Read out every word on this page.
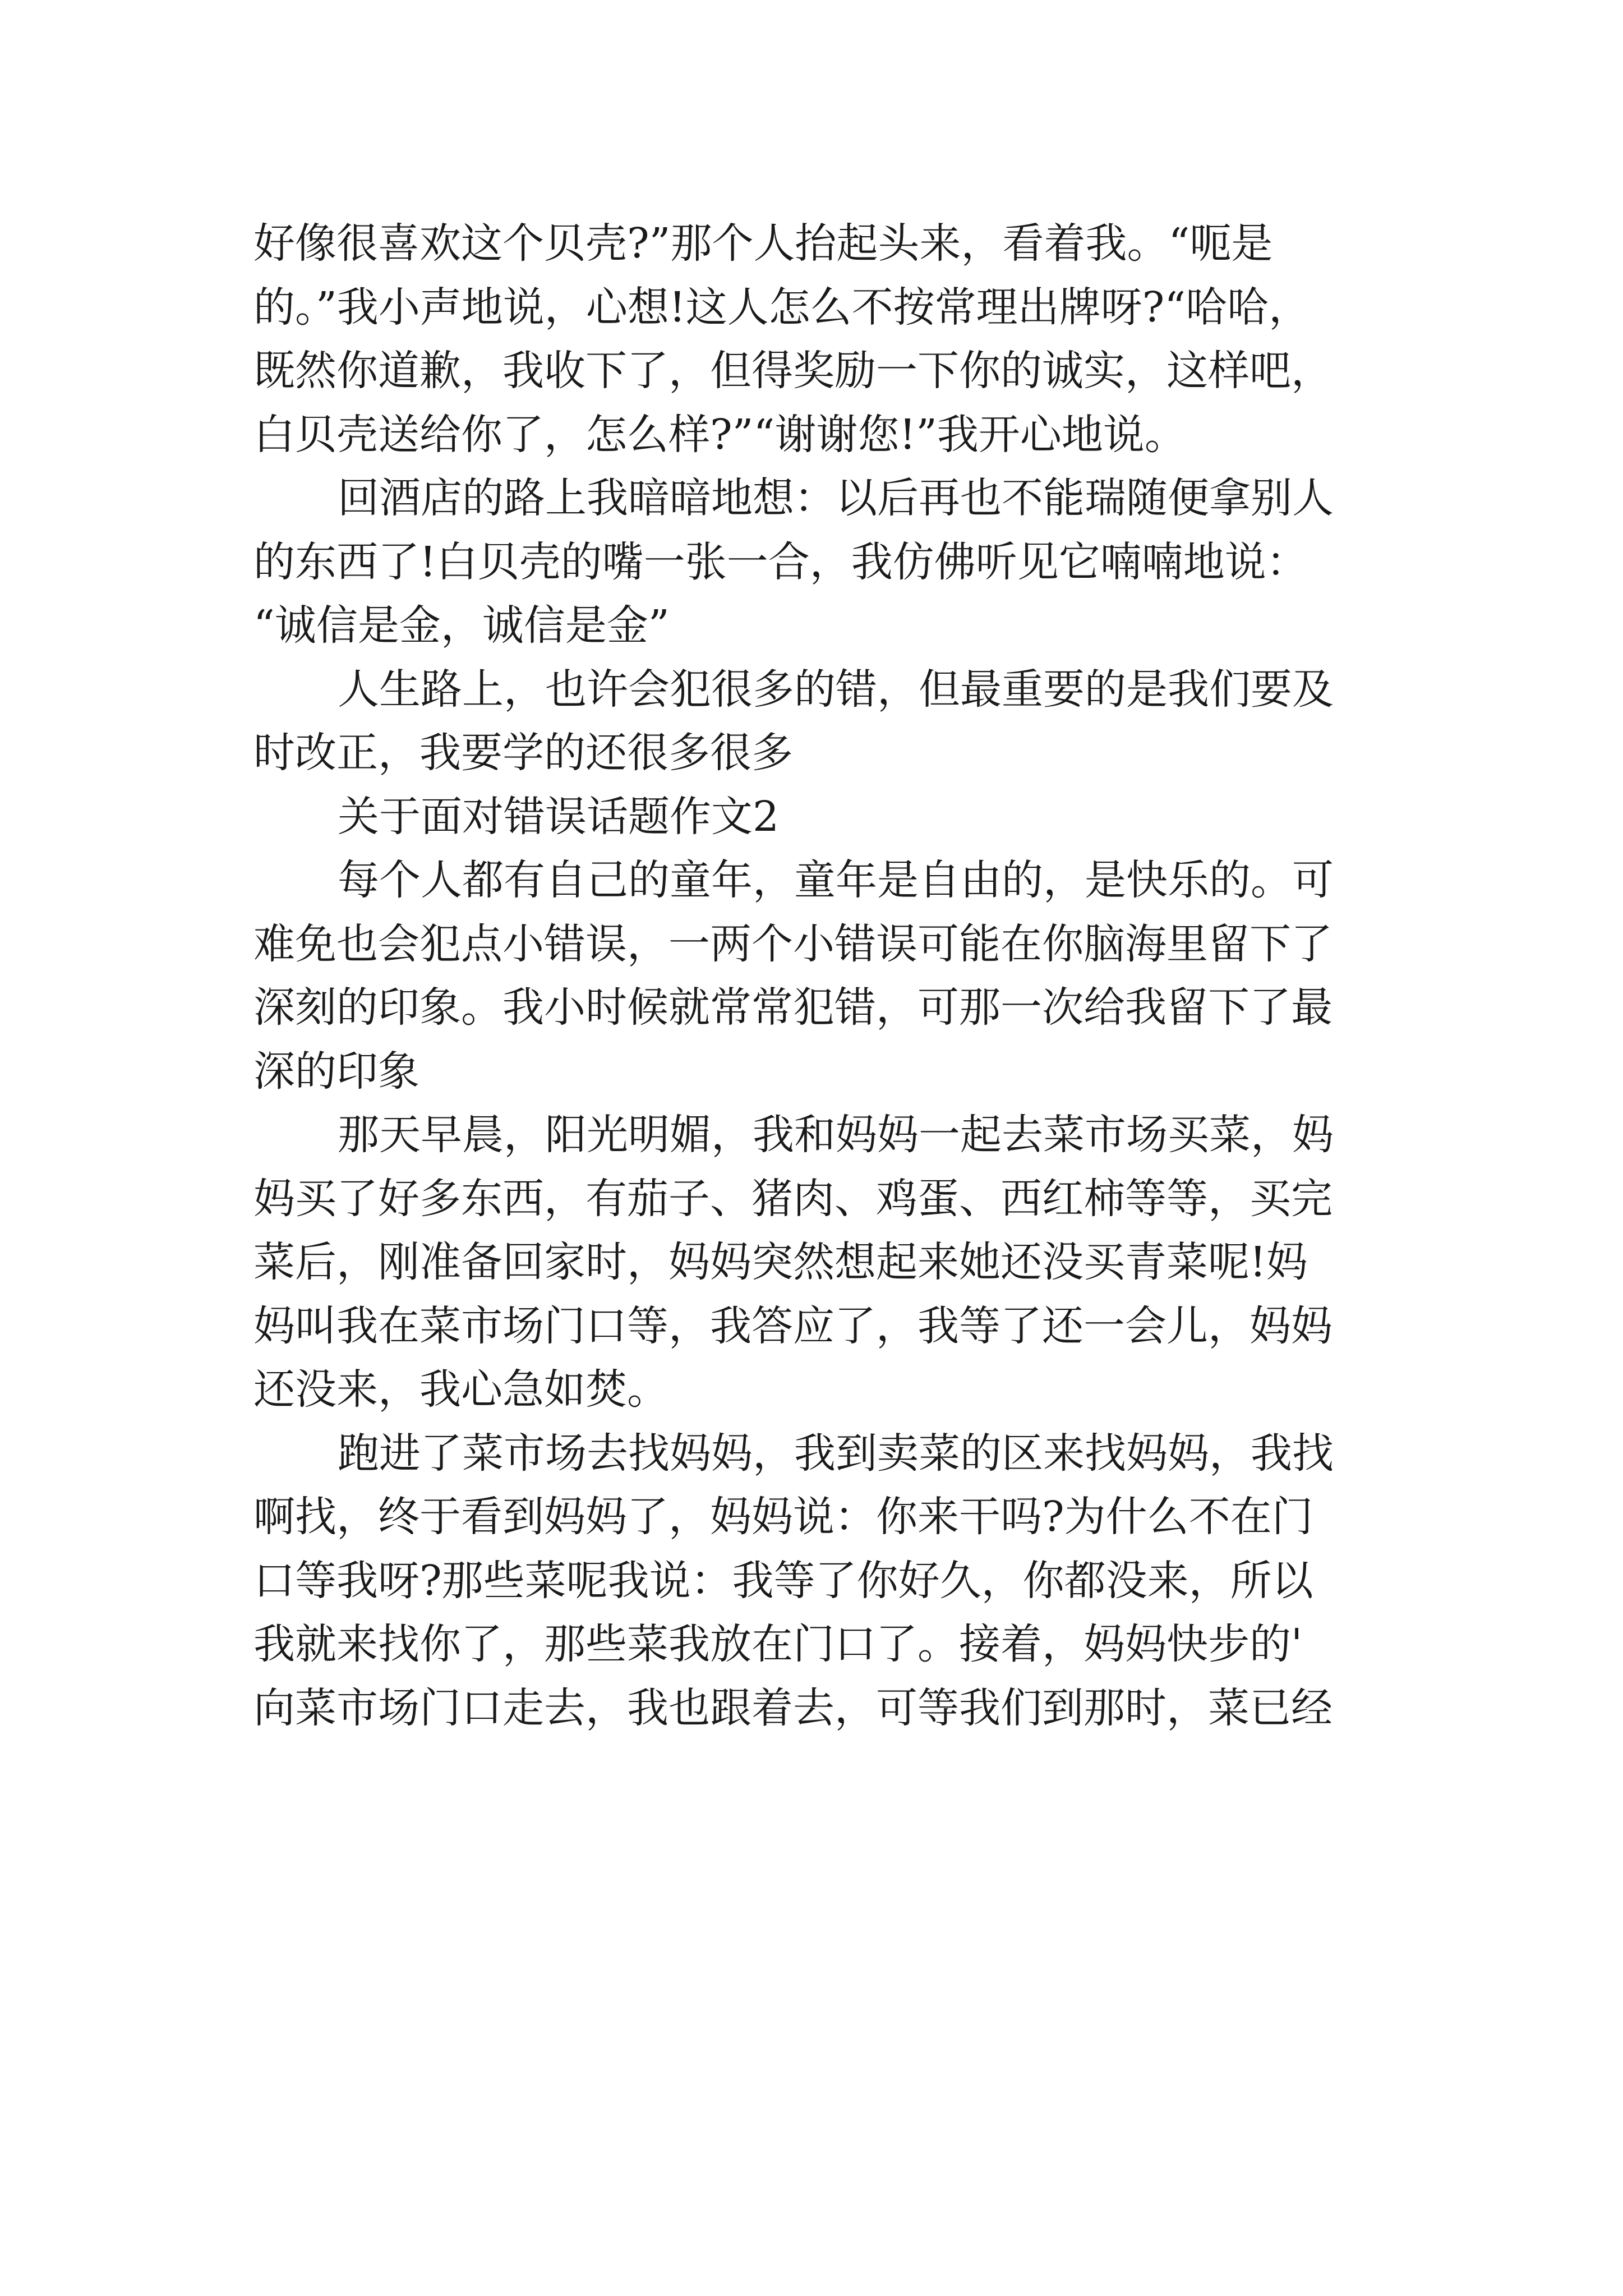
好像很喜欢这个贝壳?”那个人抬起头来，看着我。“呃是
的。”我小声地说，心想!这人怎么不按常理出牌呀?“哈哈，
既然你道歉，我收下了，但得奖励一下你的诚实，这样吧，
白贝壳送给你了，怎么样?”“谢谢您!”我开心地说。
回酒店的路上我暗暗地想：以后再也不能瑞随便拿别人
的东西了!白贝壳的嘴一张一合，我仿佛听见它喃喃地说：
“诚信是金，诚信是金”
人生路上，也许会犯很多的错，但最重要的是我们要及
时改正，我要学的还很多很多
关于面对错误话题作文2
每个人都有自己的童年，童年是自由的，是快乐的。可
难免也会犯点小错误，一两个小错误可能在你脑海里留下了
深刻的印象。我小时候就常常犯错，可那一次给我留下了最
深的印象
那天早晨，阳光明媚，我和妈妈一起去菜市场买菜，妈
妈买了好多东西，有茄子、猪肉、鸡蛋、西红柿等等，买完
菜后，刚准备回家时，妈妈突然想起来她还没买青菜呢!妈
妈叫我在菜市场门口等，我答应了，我等了还一会儿，妈妈
还没来，我心急如焚。
跑进了菜市场去找妈妈，我到卖菜的区来找妈妈，我找
啊找，终于看到妈妈了，妈妈说：你来干吗?为什么不在门
口等我呀?那些菜呢我说：我等了你好久，你都没来，所以
我就来找你了，那些菜我放在门口了。接着，妈妈快步的'
向菜市场门口走去，我也跟着去，可等我们到那时，菜已经
